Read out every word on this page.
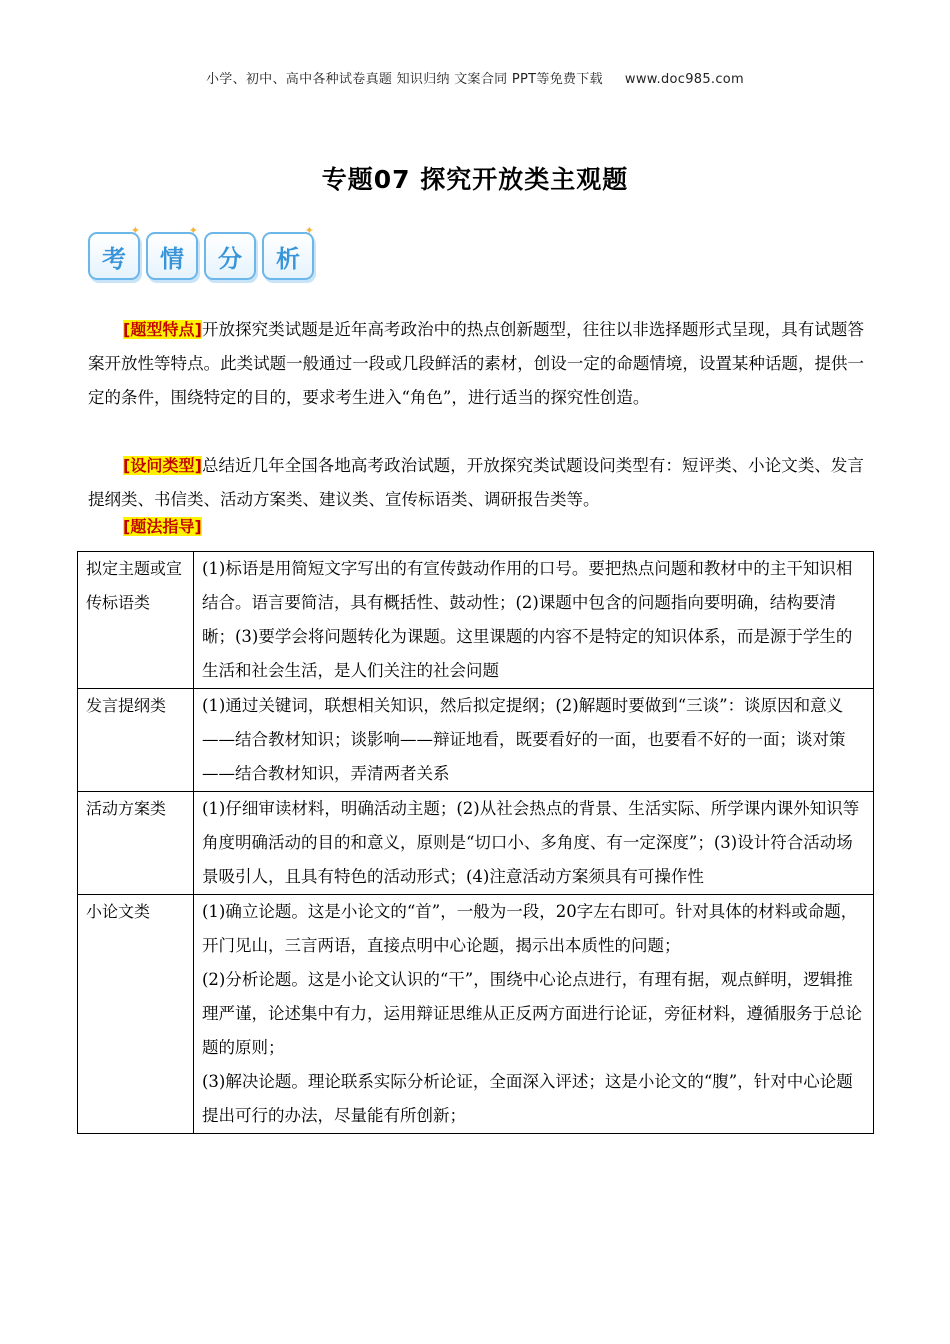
小学、初中、高中各种试卷真题 知识归纳 文案合同 PPT等免费下载 www.doc985.com
专题07 探究开放类主观题
✦
考
✦
情 分
✦
析
[题型特点]开放探究类试题是近年高考政治中的热点创新题型，往往以非选择题形式呈现，具有试题答案开放性等特点。此类试题一般通过一段或几段鲜活的素材，创设一定的命题情境，设置某种话题，提供一定的条件，围绕特定的目的，要求考生进入“角色”，进行适当的探究性创造。
[设问类型]总结近几年全国各地高考政治试题，开放探究类试题设问类型有：短评类、小论文类、发言提纲类、书信类、活动方案类、建议类、宣传标语类、调研报告类等。
[题法指导]
拟定主题或宣传标语类	(1)标语是用简短文字写出的有宣传鼓动作用的口号。要把热点问题和教材中的主干知识相结合。语言要简洁，具有概括性、鼓动性；(2)课题中包含的问题指向要明确，结构要清晰；(3)要学会将问题转化为课题。这里课题的内容不是特定的知识体系，而是源于学生的生活和社会生活，是人们关注的社会问题

发言提纲类	(1)通过关键词，联想相关知识，然后拟定提纲；(2)解题时要做到“三谈”：谈原因和意义——结合教材知识；谈影响——辩证地看，既要看好的一面，也要看不好的一面；谈对策——结合教材知识，弄清两者关系

活动方案类	(1)仔细审读材料，明确活动主题；(2)从社会热点的背景、生活实际、所学课内课外知识等角度明确活动的目的和意义，原则是“切口小、多角度、有一定深度”；(3)设计符合活动场景吸引人，且具有特色的活动形式；(4)注意活动方案须具有可操作性

小论文类	(1)确立论题。这是小论文的“首”，一般为一段，20字左右即可。针对具体的材料或命题，开门见山，三言两语，直接点明中心论题，揭示出本质性的问题；

(2)分析论题。这是小论文认识的“干”，围绕中心论点进行，有理有据，观点鲜明，逻辑推理严谨，论述集中有力，运用辩证思维从正反两方面进行论证，旁征材料，遵循服务于总论题的原则；

(3)解决论题。理论联系实际分析论证，全面深入评述；这是小论文的“腹”，针对中心论题提出可行的办法，尽量能有所创新；
